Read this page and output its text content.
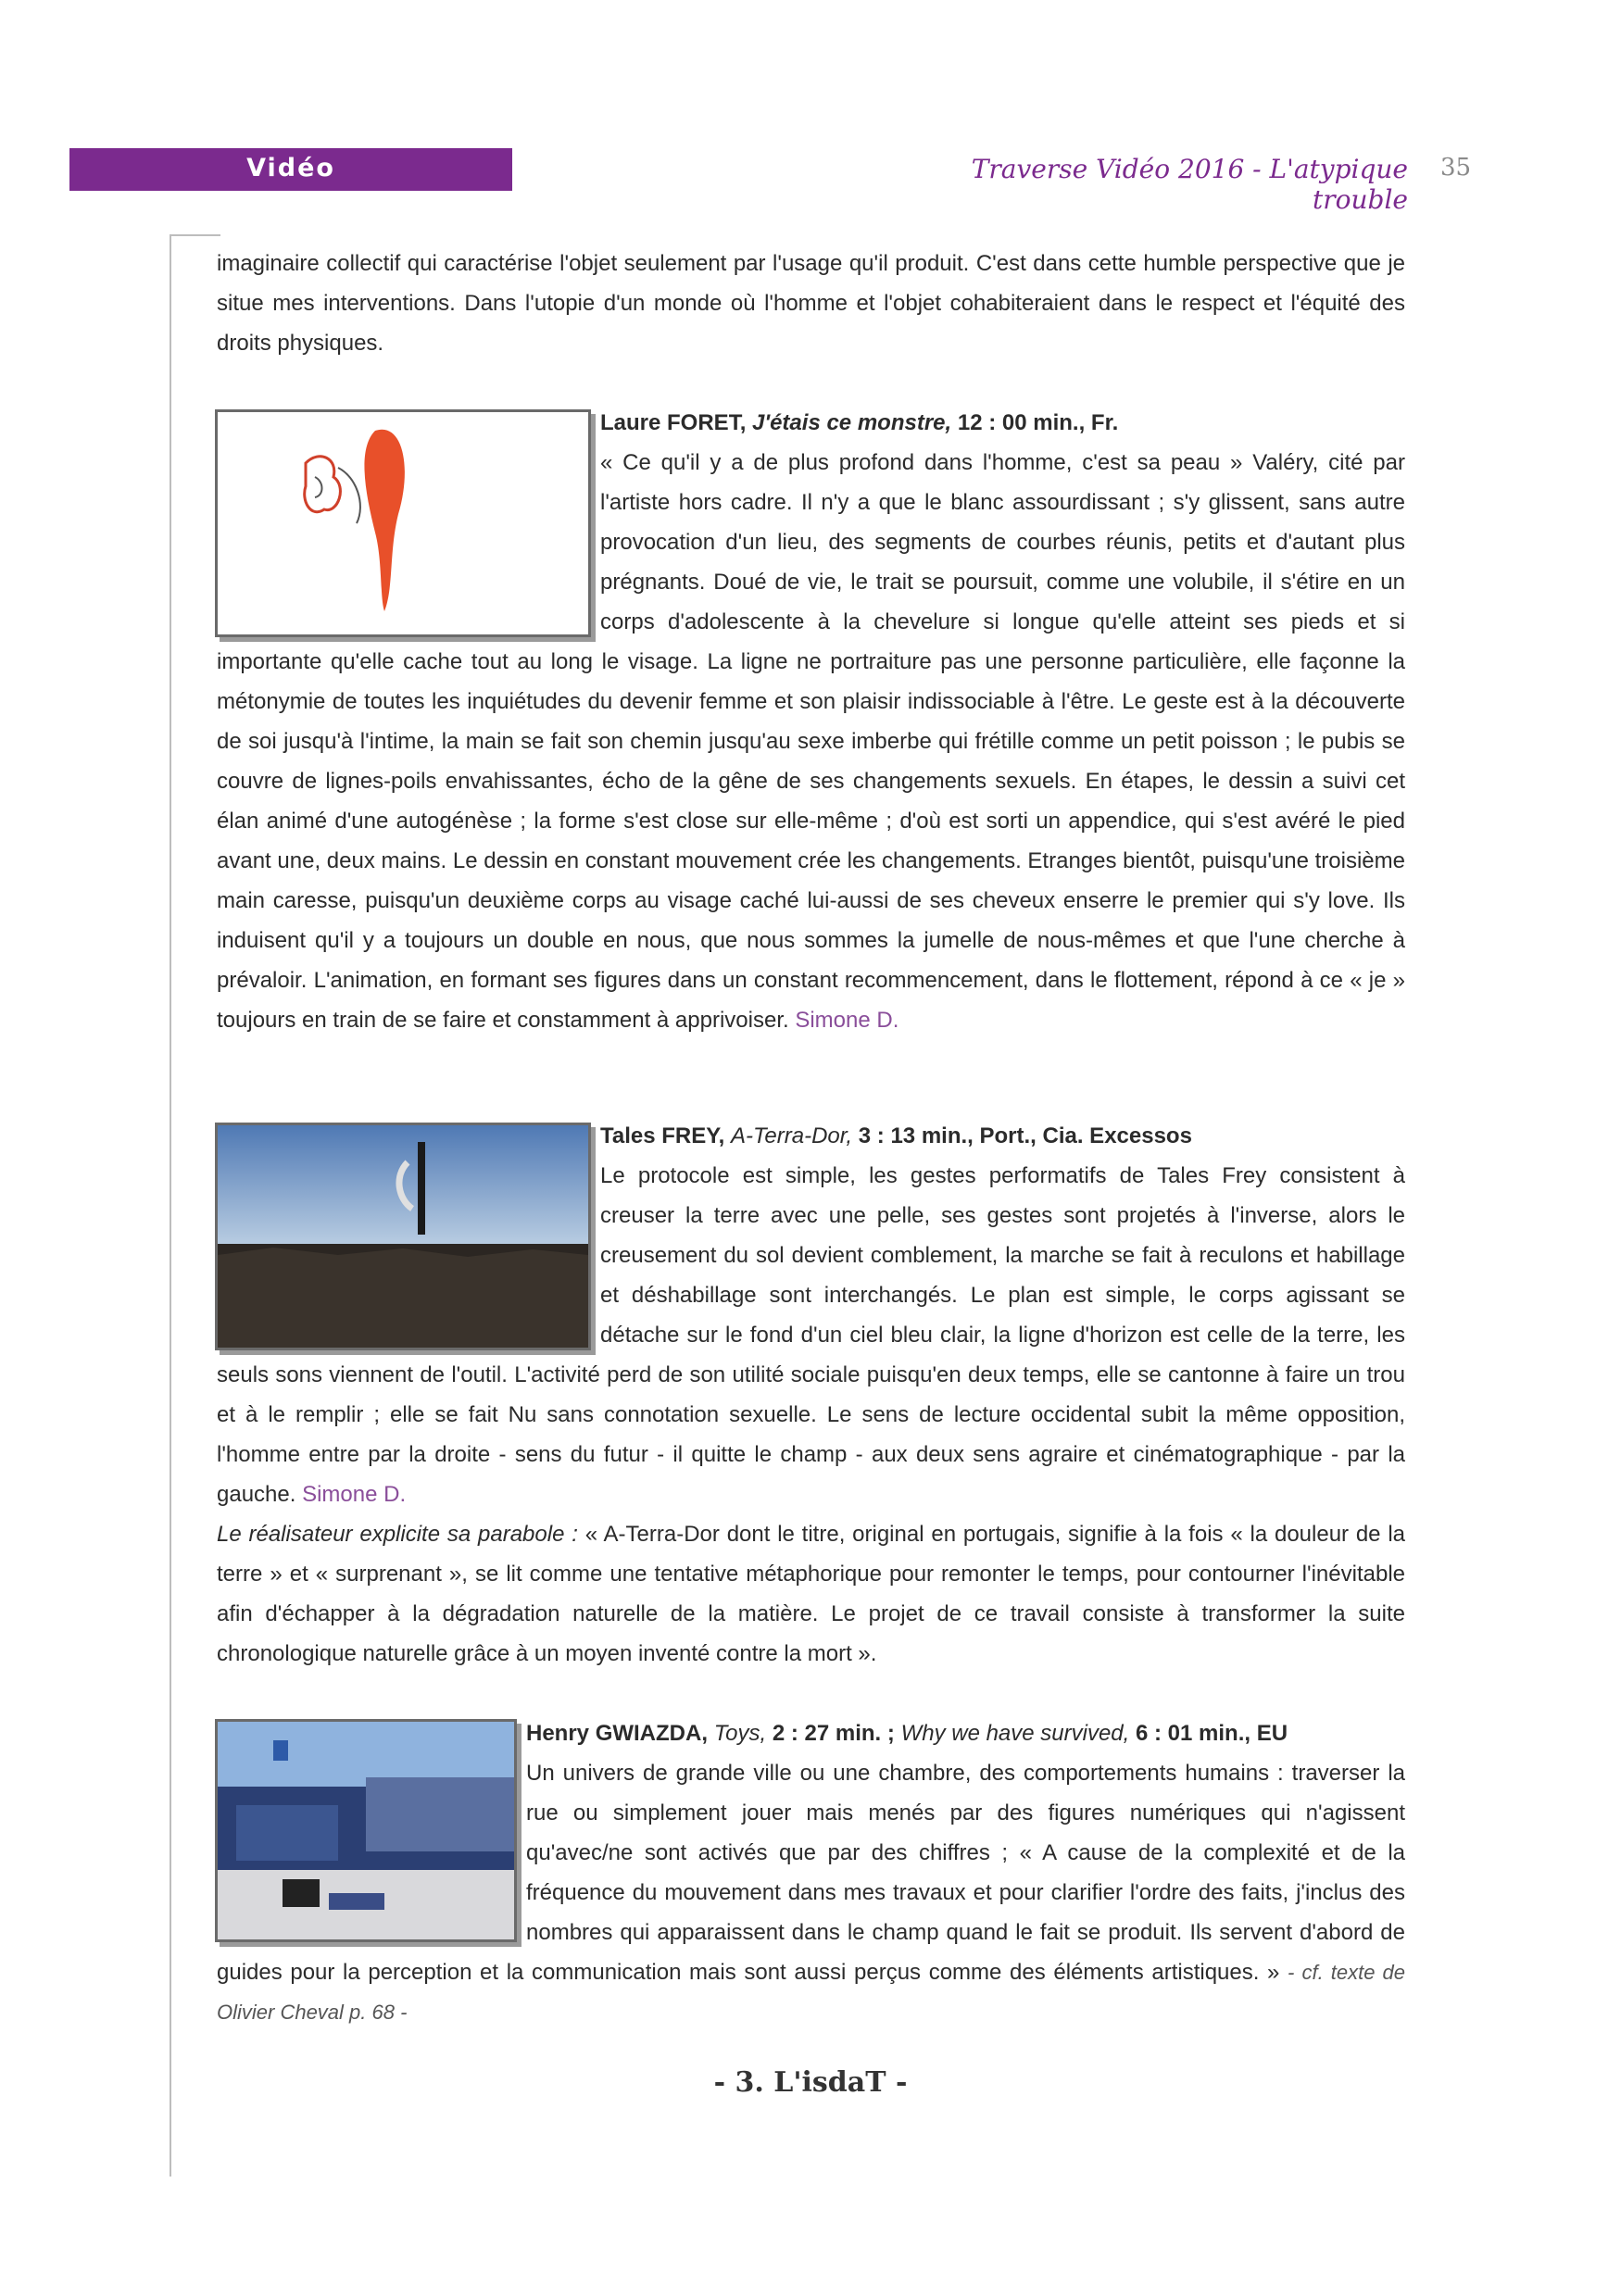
Vidéo	Traverse Vidéo 2016 - L'atypique trouble
35

imaginaire collectif qui caractérise l'objet seulement par l'usage qu'il produit. C'est dans cette humble perspective que je situe mes interventions. Dans l'utopie d'un monde où l'homme et l'objet cohabiteraient dans le respect et l'équité des droits physiques.

Laure FORET, J'étais ce monstre, 12 : 00 min., Fr.

« Ce qu'il y a de plus profond dans l'homme, c'est sa peau » Valéry, cité par l'artiste hors cadre. Il n'y a que le blanc assourdissant ; s'y glissent, sans autre provocation d'un lieu, des segments de courbes réunis, petits et d'autant plus prégnants. Doué de vie, le trait se poursuit, comme une volubile, il s'étire en un corps d'adolescente à la chevelure si longue qu'elle atteint ses pieds et si importante qu'elle cache tout au long le visage. La ligne ne portraiture pas une personne particulière, elle façonne la métonymie de toutes les inquiétudes du devenir femme et son plaisir indissociable à l'être. Le geste est à la découverte de soi jusqu'à l'intime, la main se fait son chemin jusqu'au sexe imberbe qui frétille comme un petit poisson ; le pubis se couvre de lignes-poils envahissantes, écho de la gêne de ses changements sexuels. En étapes, le dessin a suivi cet élan animé d'une autogénèse ; la forme s'est close sur elle-même ; d'où est sorti un appendice, qui s'est avéré le pied avant une, deux mains. Le dessin en constant mouvement crée les changements. Etranges bientôt, puisqu'une troisième main caresse, puisqu'un deuxième corps au visage caché lui-aussi de ses cheveux enserre le premier qui s'y love. Ils induisent qu'il y a toujours un double en nous, que nous sommes la jumelle de nous-mêmes et que l'une cherche à prévaloir. L'animation, en formant ses figures dans un constant recommencement, dans le flottement, répond à ce « je » toujours en train de se faire et constamment à apprivoiser. Simone D.

Tales FREY, A-Terra-Dor, 3 : 13 min., Port., Cia. Excessos

Le protocole est simple, les gestes performatifs de Tales Frey consistent à creuser la terre avec une pelle, ses gestes sont projetés à l'inverse, alors le creusement du sol devient comblement, la marche se fait à reculons et habillage et déshabillage sont interchangés. Le plan est simple, le corps agissant se détache sur le fond d'un ciel bleu clair, la ligne d'horizon est celle de la terre, les seuls sons viennent de l'outil. L'activité perd de son utilité sociale puisqu'en deux temps, elle se cantonne à faire un trou et à le remplir ; elle se fait Nu sans connotation sexuelle. Le sens de lecture occidental subit la même opposition, l'homme entre par la droite - sens du futur - il quitte le champ - aux deux sens agraire et cinématographique - par la gauche. Simone D.

Le réalisateur explicite sa parabole : « A-Terra-Dor dont le titre, original en portugais, signifie à la fois « la douleur de la terre » et « surprenant », se lit comme une tentative métaphorique pour remonter le temps, pour contourner l'inévitable afin d'échapper à la dégradation naturelle de la matière. Le projet de ce travail consiste à transformer la suite chronologique naturelle grâce à un moyen inventé contre la mort ».

Henry GWIAZDA, Toys, 2 : 27 min. ; Why we have survived, 6 : 01 min., EU

Un univers de grande ville ou une chambre, des comportements humains : traverser la rue ou simplement jouer mais menés par des figures numériques qui n'agissent qu'avec/ne sont activés que par des chiffres ; « A cause de la complexité et de la fréquence du mouvement dans mes travaux et pour clarifier l'ordre des faits, j'inclus des nombres qui apparaissent dans le champ quand le fait se produit. Ils servent d'abord de guides pour la perception et la communication mais sont aussi perçus comme des éléments artistiques. » - cf. texte de Olivier Cheval p. 68 -

- 3. L'isdaT -
